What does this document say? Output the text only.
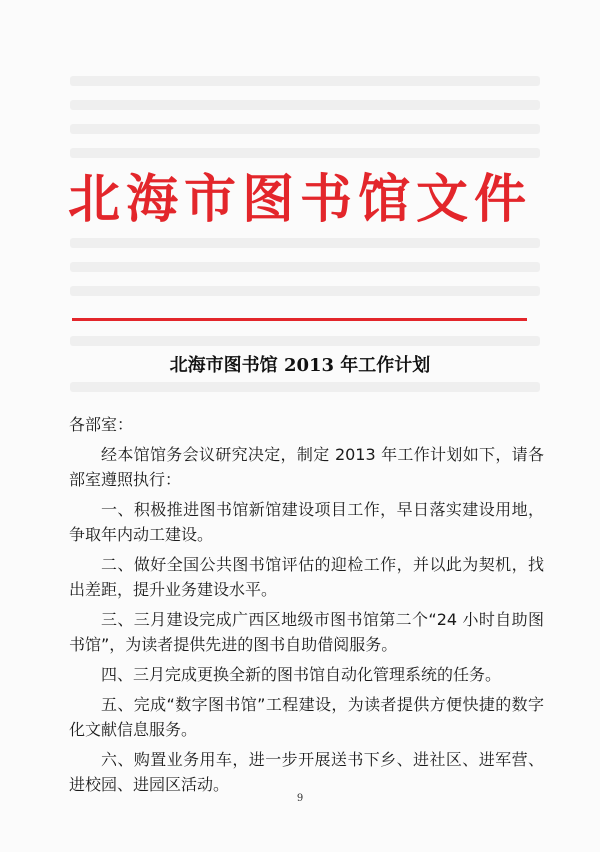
北海市图书馆文件
北海市图书馆 2013 年工作计划

各部室：

经本馆馆务会议研究决定，制定 2013 年工作计划如下，请各部室遵照执行：

一、积极推进图书馆新馆建设项目工作，早日落实建设用地，争取年内动工建设。

二、做好全国公共图书馆评估的迎检工作，并以此为契机，找出差距，提升业务建设水平。

三、三月建设完成广西区地级市图书馆第二个“24 小时自助图书馆”，为读者提供先进的图书自助借阅服务。

四、三月完成更换全新的图书馆自动化管理系统的任务。

五、完成“数字图书馆”工程建设，为读者提供方便快捷的数字化文献信息服务。

六、购置业务用车，进一步开展送书下乡、进社区、进军营、进校园、进园区活动。

9
